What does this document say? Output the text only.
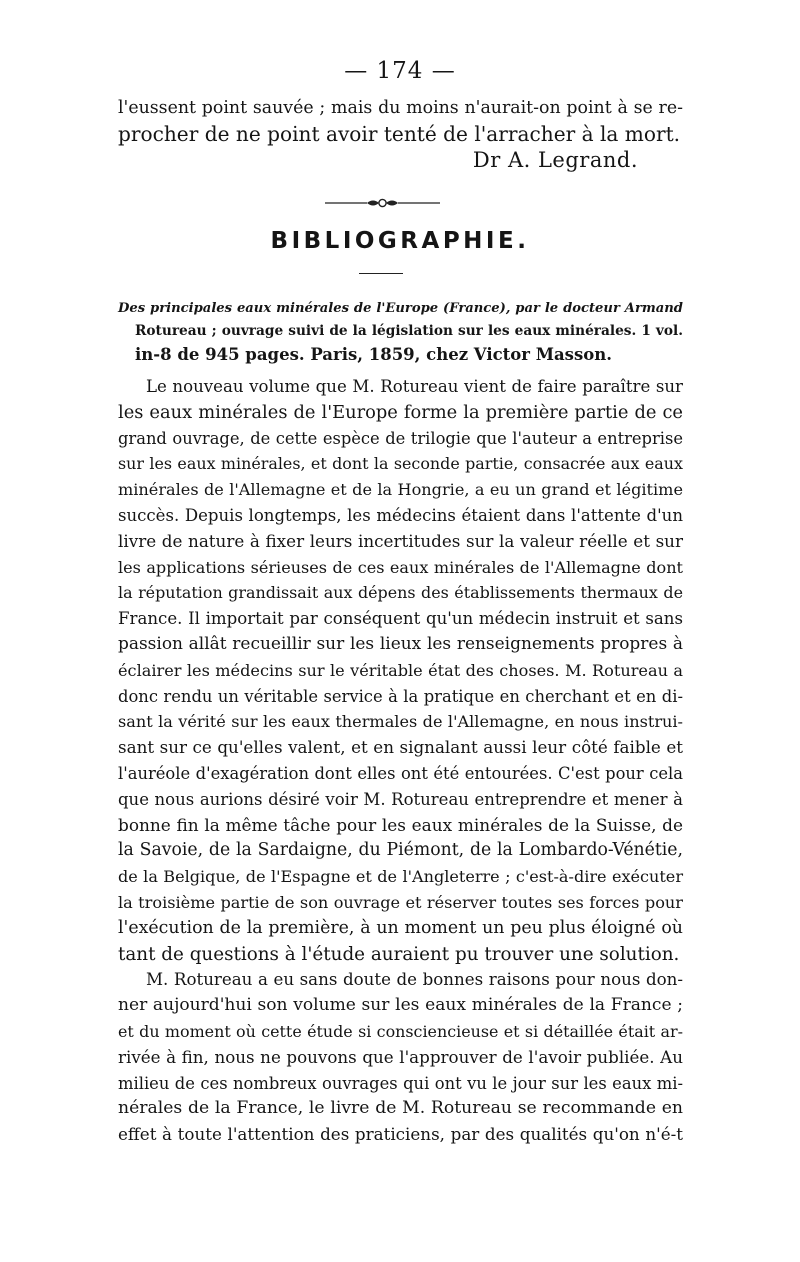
— 174 —
l'eussent point sauvée ; mais du moins n'aurait-on point à se re-
procher de ne point avoir tenté de l'arracher à la mort.
Dr A. Legrand.
BIBLIOGRAPHIE.
Des principales eaux minérales de l'Europe (France), par le docteur Armand
Rotureau ; ouvrage suivi de la législation sur les eaux minérales. 1 vol.
in-8 de 945 pages. Paris, 1859, chez Victor Masson.
Le nouveau volume que M. Rotureau vient de faire paraître sur
les eaux minérales de l'Europe forme la première partie de ce
grand ouvrage, de cette espèce de trilogie que l'auteur a entreprise
sur les eaux minérales, et dont la seconde partie, consacrée aux eaux
minérales de l'Allemagne et de la Hongrie, a eu un grand et légitime
succès. Depuis longtemps, les médecins étaient dans l'attente d'un
livre de nature à fixer leurs incertitudes sur la valeur réelle et sur
les applications sérieuses de ces eaux minérales de l'Allemagne dont
la réputation grandissait aux dépens des établissements thermaux de
France. Il importait par conséquent qu'un médecin instruit et sans
passion allât recueillir sur les lieux les renseignements propres à
éclairer les médecins sur le véritable état des choses. M. Rotureau a
donc rendu un véritable service à la pratique en cherchant et en di-
sant la vérité sur les eaux thermales de l'Allemagne, en nous instrui-
sant sur ce qu'elles valent, et en signalant aussi leur côté faible et
l'auréole d'exagération dont elles ont été entourées. C'est pour cela
que nous aurions désiré voir M. Rotureau entreprendre et mener à
bonne fin la même tâche pour les eaux minérales de la Suisse, de
la Savoie, de la Sardaigne, du Piémont, de la Lombardo-Vénétie,
de la Belgique, de l'Espagne et de l'Angleterre ; c'est-à-dire exécuter
la troisième partie de son ouvrage et réserver toutes ses forces pour
l'exécution de la première, à un moment un peu plus éloigné où
tant de questions à l'étude auraient pu trouver une solution.
M. Rotureau a eu sans doute de bonnes raisons pour nous don-
ner aujourd'hui son volume sur les eaux minérales de la France ;
et du moment où cette étude si consciencieuse et si détaillée était ar-
rivée à fin, nous ne pouvons que l'approuver de l'avoir publiée. Au
milieu de ces nombreux ouvrages qui ont vu le jour sur les eaux mi-
nérales de la France, le livre de M. Rotureau se recommande en
effet à toute l'attention des praticiens, par des qualités qu'on n'é-t
